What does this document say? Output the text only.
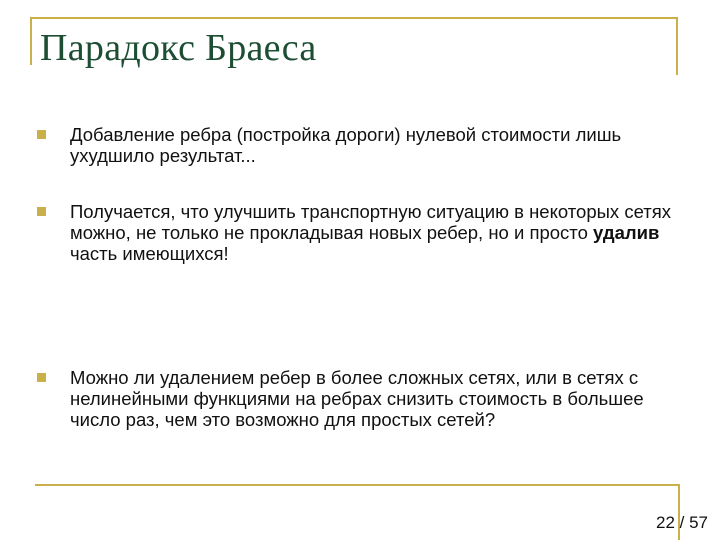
Парадокс Браеса
Добавление ребра (постройка дороги) нулевой стоимости лишь ухудшило результат...
Получается, что улучшить транспортную ситуацию в некоторых сетях можно, не только не прокладывая новых ребер, но и просто удалив часть имеющихся!
Можно ли удалением ребер в более сложных сетях, или в сетях с нелинейными функциями на ребрах снизить стоимость в большее число раз, чем это возможно для простых сетей?
22 / 57
